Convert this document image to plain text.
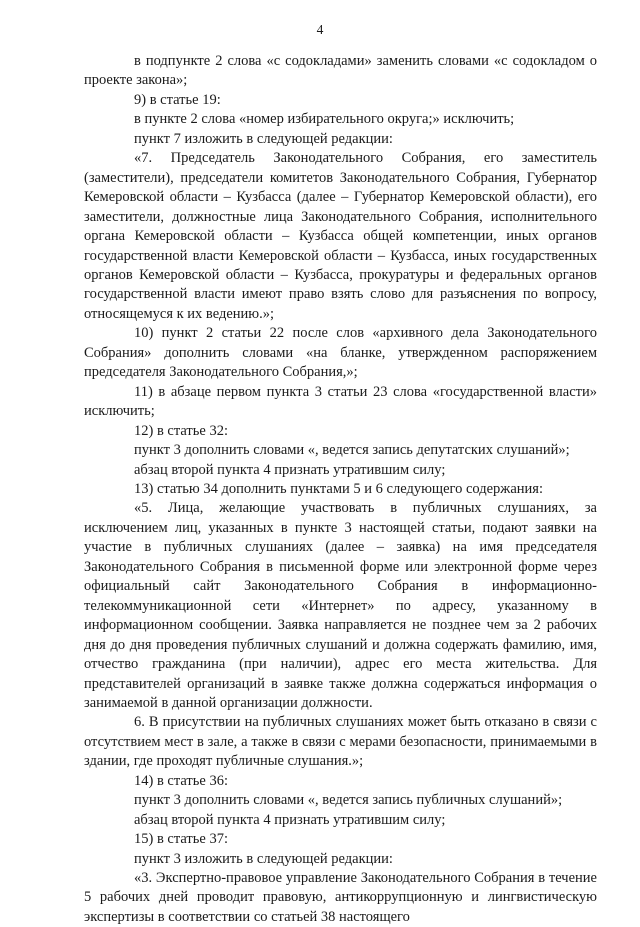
4

в подпункте 2 слова «с содокладами» заменить словами «с содокладом о проекте закона»;

9) в статье 19:

в пункте 2 слова «номер избирательного округа;» исключить;

пункт 7 изложить в следующей редакции:

«7. Председатель Законодательного Собрания, его заместитель (заместители), председатели комитетов Законодательного Собрания, Губернатор Кемеровской области – Кузбасса (далее – Губернатор Кемеровской области), его заместители, должностные лица Законодательного Собрания, исполнительного органа Кемеровской области – Кузбасса общей компетенции, иных органов государственной власти Кемеровской области – Кузбасса, иных государственных органов Кемеровской области – Кузбасса, прокуратуры и федеральных органов государственной власти имеют право взять слово для разъяснения по вопросу, относящемуся к их ведению.»;

10) пункт 2 статьи 22 после слов «архивного дела Законодательного Собрания» дополнить словами «на бланке, утвержденном распоряжением председателя Законодательного Собрания,»;

11) в абзаце первом пункта 3 статьи 23 слова «государственной власти» исключить;

12) в статье 32:

пункт 3 дополнить словами «, ведется запись депутатских слушаний»;

абзац второй пункта 4 признать утратившим силу;

13) статью 34 дополнить пунктами 5 и 6 следующего содержания:

«5. Лица, желающие участвовать в публичных слушаниях, за исключением лиц, указанных в пункте 3 настоящей статьи, подают заявки на участие в публичных слушаниях (далее – заявка) на имя председателя Законодательного Собрания в письменной форме или электронной форме через официальный сайт Законодательного Собрания в информационно-телекоммуникационной сети «Интернет» по адресу, указанному в информационном сообщении. Заявка направляется не позднее чем за 2 рабочих дня до дня проведения публичных слушаний и должна содержать фамилию, имя, отчество гражданина (при наличии), адрес его места жительства. Для представителей организаций в заявке также должна содержаться информация о занимаемой в данной организации должности.

6. В присутствии на публичных слушаниях может быть отказано в связи с отсутствием мест в зале, а также в связи с мерами безопасности, принимаемыми в здании, где проходят публичные слушания.»;

14) в статье 36:

пункт 3 дополнить словами «, ведется запись публичных слушаний»;

абзац второй пункта 4 признать утратившим силу;

15) в статье 37:

пункт 3 изложить в следующей редакции:

«3. Экспертно-правовое управление Законодательного Собрания в течение 5 рабочих дней проводит правовую, антикоррупционную и лингвистическую экспертизы в соответствии со статьей 38 настоящего
